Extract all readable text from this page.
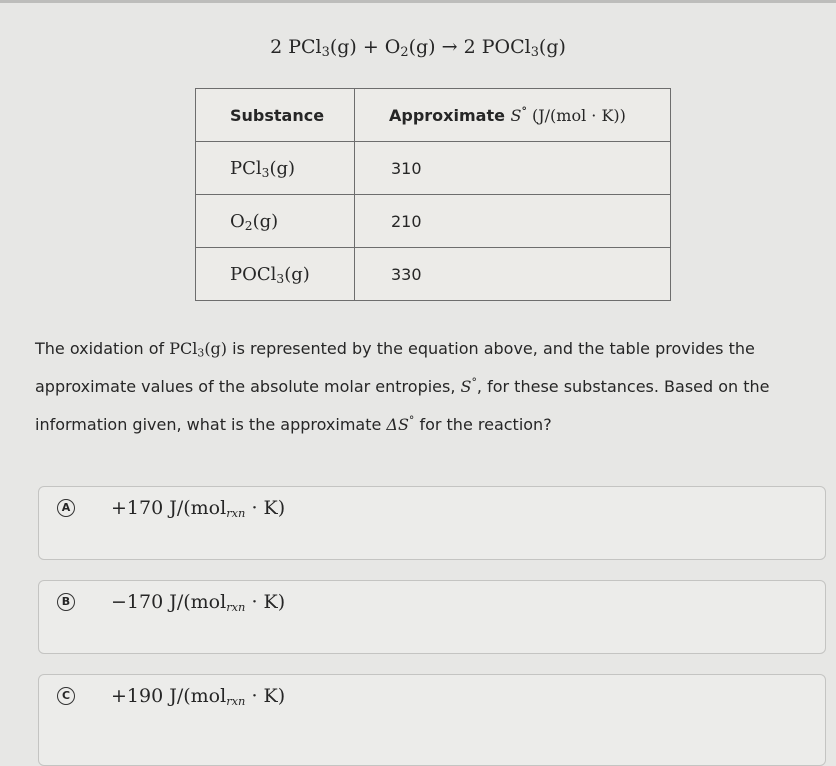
2 $PCl_3(g) + O_2(g) \to 2$ POCl$_3$(g)
Substance	Approximate S° (J/(mol · K))
PCl$_3$(g)	310
$O_2(g)$	210
POCl$_3$(g)	330

The oxidation of PCl$_3$(g) is represented by the equation above, and the table provides the approximate values of the absolute molar entropies, S°, for these substances. Based on the information given, what is the approximate ΔS° for the reaction?

A +170 J/(mol$_{rxn}$ · K)
B −170 J/(mol$_{rxn}$ · K)
C +190 J/(mol$_{rxn}$ · K)
